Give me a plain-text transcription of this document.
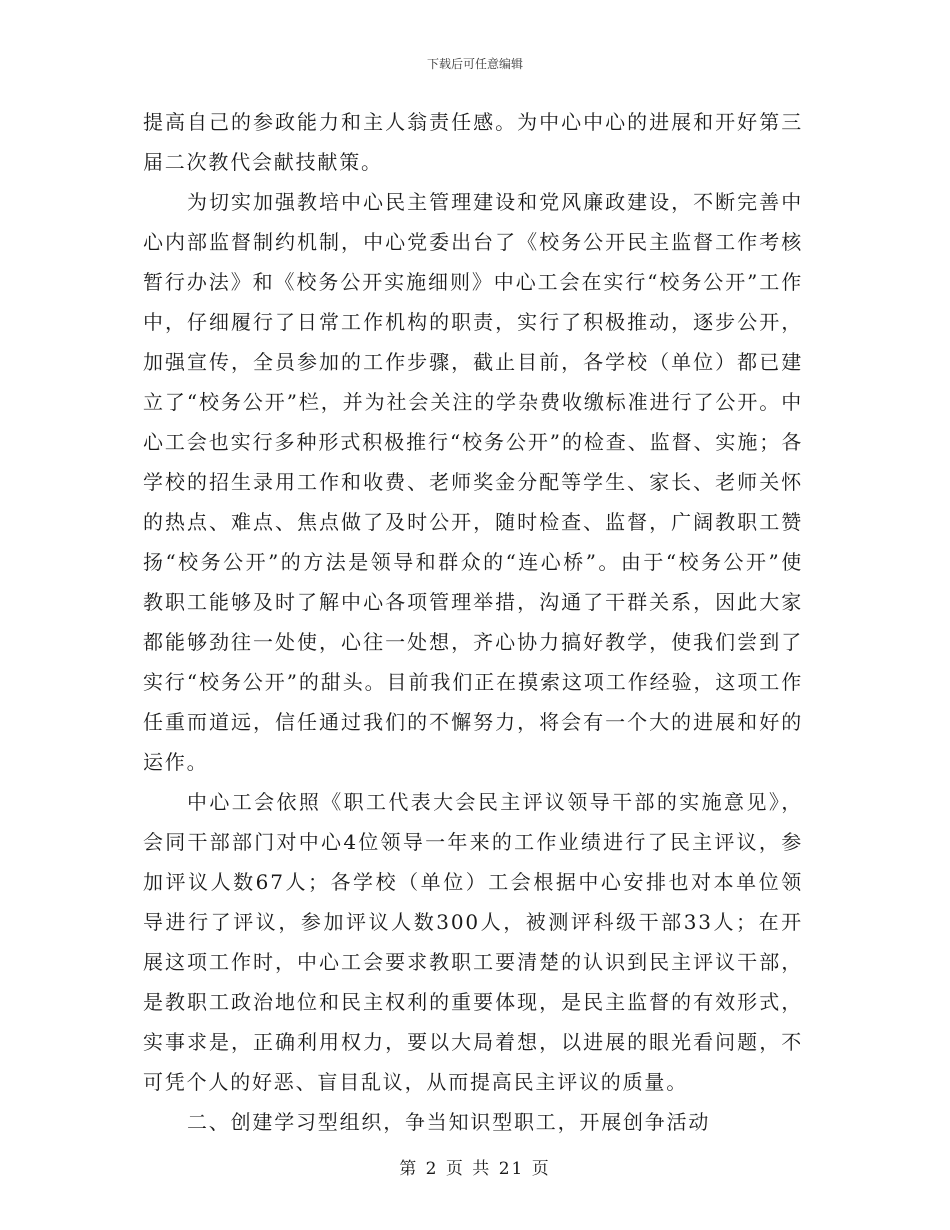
下载后可任意编辑

提高自己的参政能力和主人翁责任感。为中心中心的进展和开好第三届二次教代会献技献策。

为切实加强教培中心民主管理建设和党风廉政建设，不断完善中心内部监督制约机制，中心党委出台了《校务公开民主监督工作考核暂行办法》和《校务公开实施细则》中心工会在实行“校务公开”工作中，仔细履行了日常工作机构的职责，实行了积极推动，逐步公开，加强宣传，全员参加的工作步骤，截止目前，各学校（单位）都已建立了“校务公开”栏，并为社会关注的学杂费收缴标准进行了公开。中心工会也实行多种形式积极推行“校务公开”的检查、监督、实施；各学校的招生录用工作和收费、老师奖金分配等学生、家长、老师关怀的热点、难点、焦点做了及时公开，随时检查、监督，广阔教职工赞扬“校务公开”的方法是领导和群众的“连心桥”。由于“校务公开”使教职工能够及时了解中心各项管理举措，沟通了干群关系，因此大家都能够劲往一处使，心往一处想，齐心协力搞好教学，使我们尝到了实行“校务公开”的甜头。目前我们正在摸索这项工作经验，这项工作任重而道远，信任通过我们的不懈努力，将会有一个大的进展和好的运作。

中心工会依照《职工代表大会民主评议领导干部的实施意见》，会同干部部门对中心4位领导一年来的工作业绩进行了民主评议，参加评议人数67人；各学校（单位）工会根据中心安排也对本单位领导进行了评议，参加评议人数300人，被测评科级干部33人；在开展这项工作时，中心工会要求教职工要清楚的认识到民主评议干部，是教职工政治地位和民主权利的重要体现，是民主监督的有效形式，实事求是，正确利用权力，要以大局着想，以进展的眼光看问题，不可凭个人的好恶、盲目乱议，从而提高民主评议的质量。

二、创建学习型组织，争当知识型职工，开展创争活动

第 2 页 共 21 页
